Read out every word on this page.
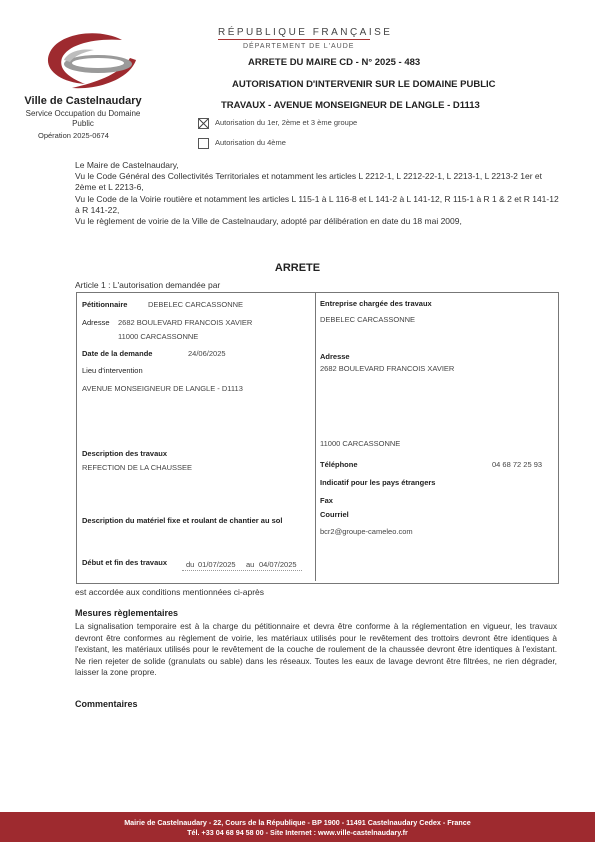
Ville de Castelnaudary
Service Occupation du Domaine Public
Opération 2025-0674
RÉPUBLIQUE FRANÇAISE
DÉPARTEMENT DE L'AUDE
ARRETE DU MAIRE CD - N° 2025 - 483
AUTORISATION D'INTERVENIR SUR LE DOMAINE PUBLIC
TRAVAUX - AVENUE MONSEIGNEUR DE LANGLE - D1113
Autorisation du 1er, 2ème et 3 ème groupe
Autorisation du 4ème

Le Maire de Castelnaudary,

Vu le Code Général des Collectivités Territoriales et notamment les articles L 2212-1, L 2212-22-1, L 2213-1, L 2213-2 1er et 2ème et L 2213-6,

Vu le Code de la Voirie routière et notamment les articles L 115-1 à L 116-8 et L 141-2 à L 141-12, R 115-1 à R 1 & 2 et R 141-12 à R 141-22,

Vu le règlement de voirie de la Ville de Castelnaudary, adopté par délibération en date du 18 mai 2009,

ARRETE
Article 1 : L'autorisation demandée par
Pétitionnaire	DEBELEC CARCASSONNE
Adresse 2682 BOULEVARD FRANCOIS XAVIER
11000 CARCASSONNE
Date de la demande	24/06/2025
Lieu d'intervention
AVENUE MONSEIGNEUR DE LANGLE - D1113
Description des travaux
REFECTION DE LA CHAUSSEE
Description du matériel fixe et roulant de chantier au sol
Début et fin des travaux	du 01/07/2025 au 04/07/2025
Entreprise chargée des travaux
DEBELEC CARCASSONNE
Adresse
2682 BOULEVARD FRANCOIS XAVIER
11000 CARCASSONNE
Téléphone	04 68 72 25 93
Indicatif pour les pays étrangers
Fax
Courriel
bcr2@groupe-cameleo.com
est accordée aux conditions mentionnées ci-après
Mesures règlementaires
La signalisation temporaire est à la charge du pétitionnaire et devra être conforme à la réglementation en vigueur, les travaux devront être conformes au règlement de voirie, les matériaux utilisés pour le revêtement des trottoirs devront être identiques à l'existant, les matériaux utilisés pour le revêtement de la couche de roulement de la chaussée devront être identiques à l'existant. Ne rien rejeter de solide (granulats ou sable) dans les réseaux. Toutes les eaux de lavage devront être filtrées, ne rien dégrader, laisser la zone propre.
Commentaires
Mairie de Castelnaudary - 22, Cours de la République - BP 1900 - 11491 Castelnaudary Cedex - France
Tél. +33 04 68 94 58 00 - Site Internet : www.ville-castelnaudary.fr
